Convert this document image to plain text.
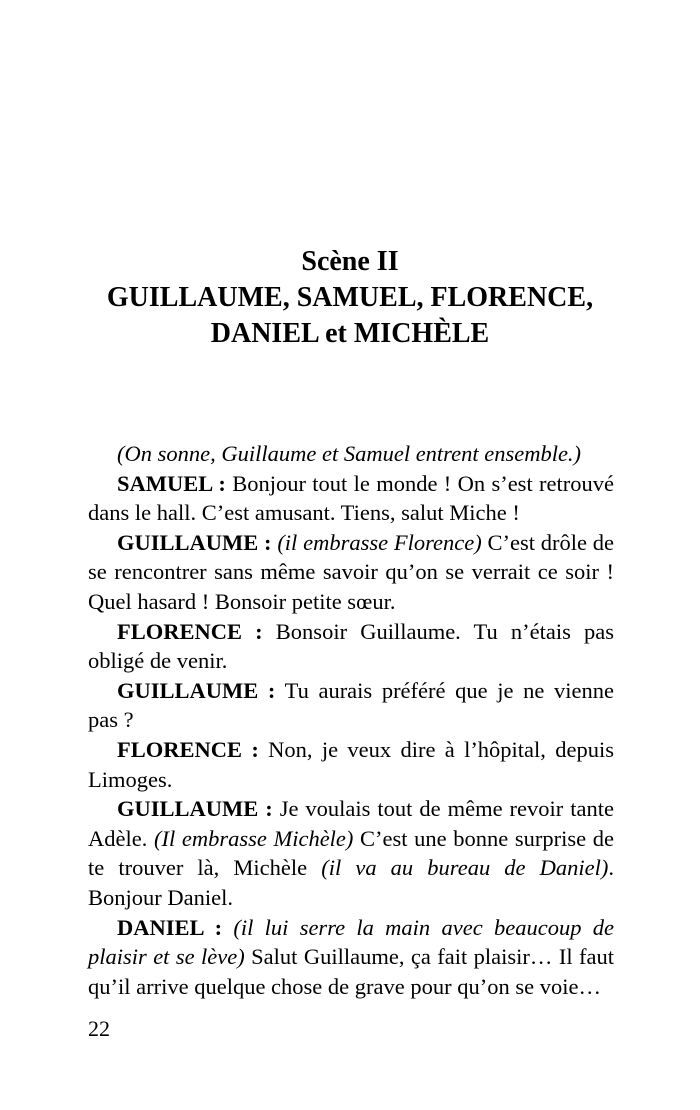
Scène II
GUILLAUME, SAMUEL, FLORENCE,
DANIEL et MICHÈLE

(On sonne, Guillaume et Samuel entrent ensemble.)

SAMUEL : Bonjour tout le monde ! On s’est retrouvé dans le hall. C’est amusant. Tiens, salut Miche !

GUILLAUME : (il embrasse Florence) C’est drôle de se rencontrer sans même savoir qu’on se verrait ce soir ! Quel hasard ! Bonsoir petite sœur.

FLORENCE : Bonsoir Guillaume. Tu n’étais pas obligé de venir.

GUILLAUME : Tu aurais préféré que je ne vienne pas ?

FLORENCE : Non, je veux dire à l’hôpital, depuis Limoges.

GUILLAUME : Je voulais tout de même revoir tante Adèle. (Il embrasse Michèle) C’est une bonne surprise de te trouver là, Michèle (il va au bureau de Daniel). Bonjour Daniel.

DANIEL : (il lui serre la main avec beaucoup de plaisir et se lève) Salut Guillaume, ça fait plaisir… Il faut qu’il arrive quelque chose de grave pour qu’on se voie…

22
